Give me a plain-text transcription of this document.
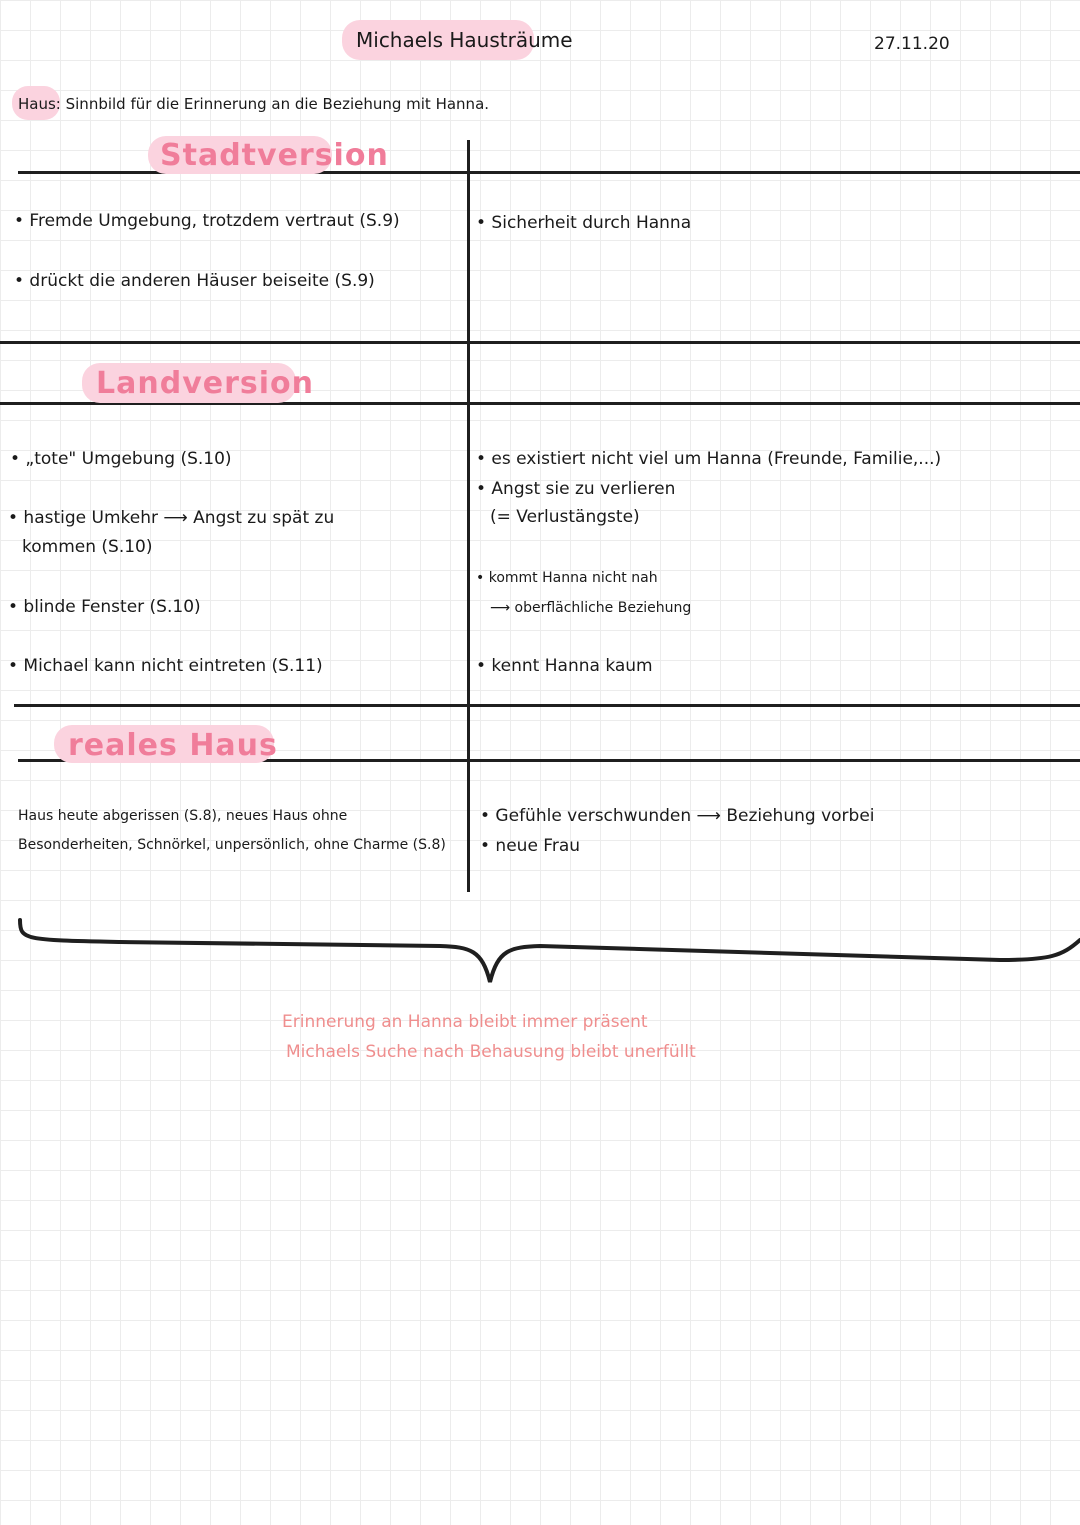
Michaels Hausträume	27.11.20
Haus: Sinnbild für die Erinnerung an die Beziehung mit Hanna.
Stadtversion
• Fremde Umgebung, trotzdem vertraut (S.9)
• drückt die anderen Häuser beiseite (S.9)
• Sicherheit durch Hanna
Landversion
• „tote" Umgebung (S.10)
• hastige Umkehr ⟶ Angst zu spät zu
kommen (S.10)
• blinde Fenster (S.10)
• Michael kann nicht eintreten (S.11)
• es existiert nicht viel um Hanna (Freunde, Familie,...)
• Angst sie zu verlieren
(= Verlustängste)
• kommt Hanna nicht nah
⟶ oberflächliche Beziehung
• kennt Hanna kaum
reales Haus
Haus heute abgerissen (S.8), neues Haus ohne
Besonderheiten, Schnörkel, unpersönlich, ohne Charme (S.8)
• Gefühle verschwunden ⟶ Beziehung vorbei
• neue Frau
Erinnerung an Hanna bleibt immer präsent
Michaels Suche nach Behausung bleibt unerfüllt
